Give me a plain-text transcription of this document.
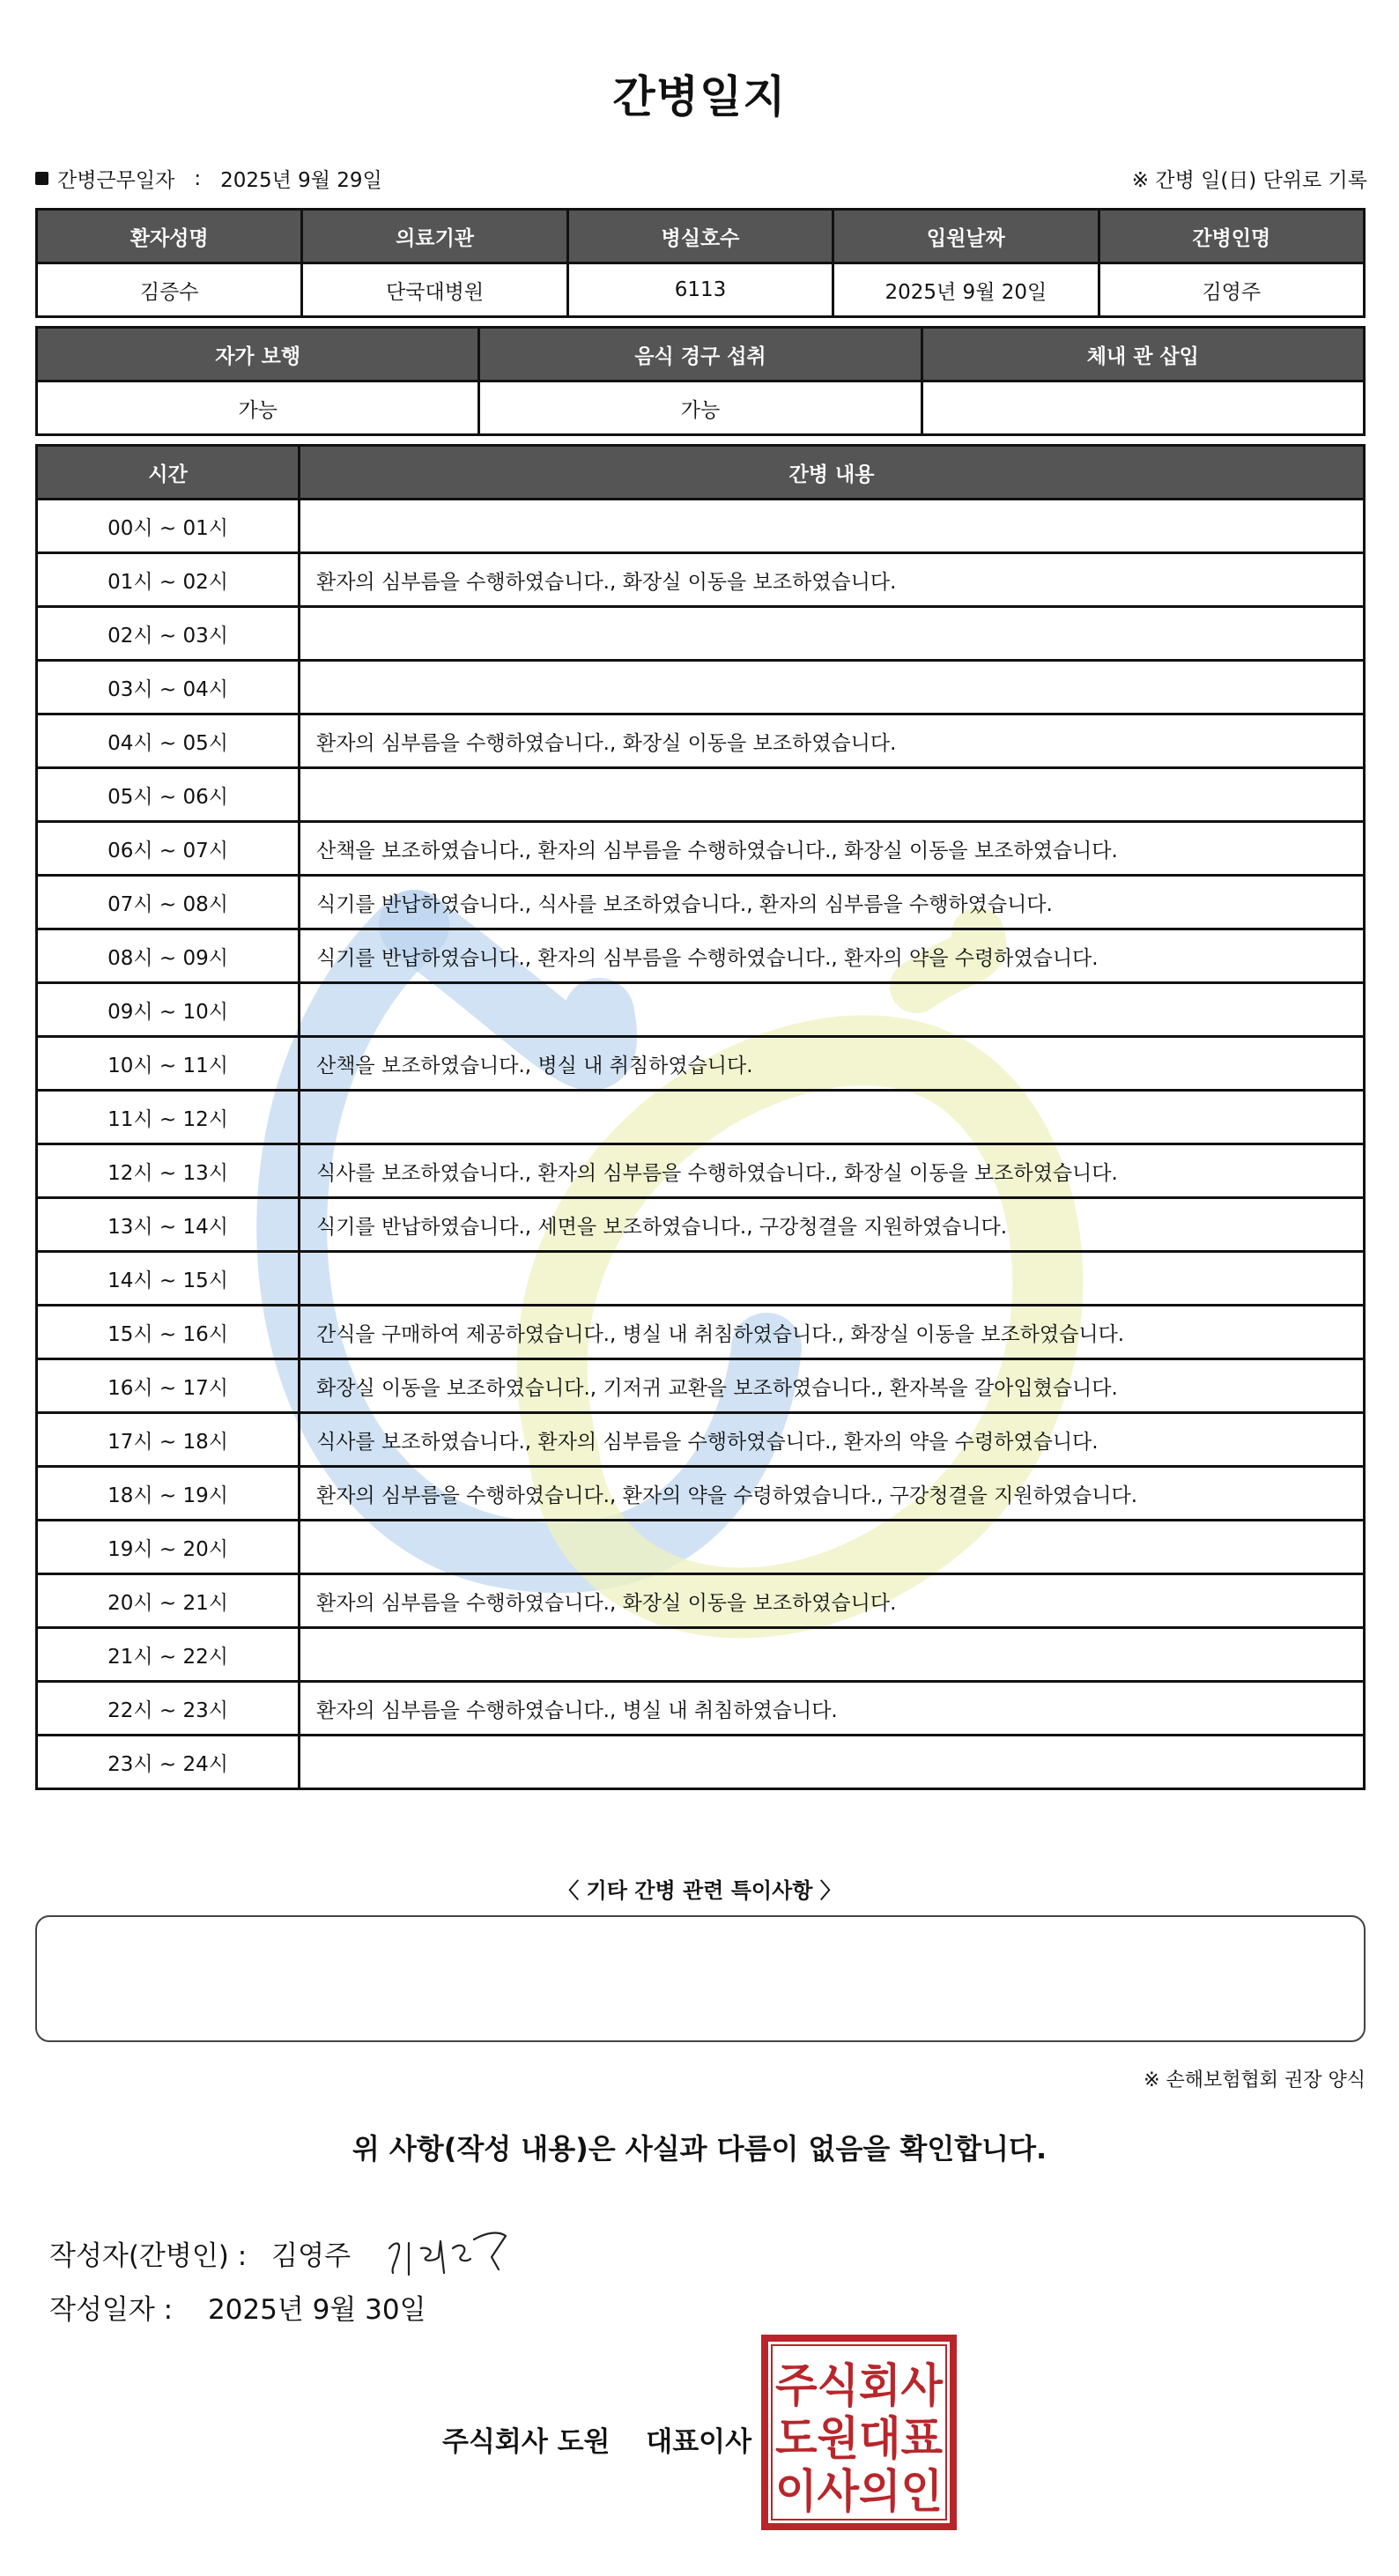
간병일지
간병근무일자 : 2025년 9월 29일	※ 간병 일(日) 단위로 기록
환자성명	의료기관	병실호수	입원날짜	간병인명
김증수	단국대병원	6113	2025년 9월 20일	김영주
자가 보행	음식 경구 섭취	체내 관 삽입
가능	가능	
시간	간병 내용
00시 ~ 01시	
01시 ~ 02시	환자의 심부름을 수행하였습니다., 화장실 이동을 보조하였습니다.
02시 ~ 03시	
03시 ~ 04시	
04시 ~ 05시	환자의 심부름을 수행하였습니다., 화장실 이동을 보조하였습니다.
05시 ~ 06시	
06시 ~ 07시	산책을 보조하였습니다., 환자의 심부름을 수행하였습니다., 화장실 이동을 보조하였습니다.
07시 ~ 08시	식기를 반납하였습니다., 식사를 보조하였습니다., 환자의 심부름을 수행하였습니다.
08시 ~ 09시	식기를 반납하였습니다., 환자의 심부름을 수행하였습니다., 환자의 약을 수령하였습니다.
09시 ~ 10시	
10시 ~ 11시	산책을 보조하였습니다., 병실 내 취침하였습니다.
11시 ~ 12시	
12시 ~ 13시	식사를 보조하였습니다., 환자의 심부름을 수행하였습니다., 화장실 이동을 보조하였습니다.
13시 ~ 14시	식기를 반납하였습니다., 세면을 보조하였습니다., 구강청결을 지원하였습니다.
14시 ~ 15시	
15시 ~ 16시	간식을 구매하여 제공하였습니다., 병실 내 취침하였습니다., 화장실 이동을 보조하였습니다.
16시 ~ 17시	화장실 이동을 보조하였습니다., 기저귀 교환을 보조하였습니다., 환자복을 갈아입혔습니다.
17시 ~ 18시	식사를 보조하였습니다., 환자의 심부름을 수행하였습니다., 환자의 약을 수령하였습니다.
18시 ~ 19시	환자의 심부름을 수행하였습니다., 환자의 약을 수령하였습니다., 구강청결을 지원하였습니다.
19시 ~ 20시	
20시 ~ 21시	환자의 심부름을 수행하였습니다., 화장실 이동을 보조하였습니다.
21시 ~ 22시	
22시 ~ 23시	환자의 심부름을 수행하였습니다., 병실 내 취침하였습니다.
23시 ~ 24시	
〈 기타 간병 관련 특이사항 〉
※ 손해보험협회 권장 양식
위 사항(작성 내용)은 사실과 다름이 없음을 확인합니다.
작성자(간병인) : 김영주
작성일자 : 2025년 9월 30일
주식회사 도원 대표이사
주식회사
도원대표
이사의인
